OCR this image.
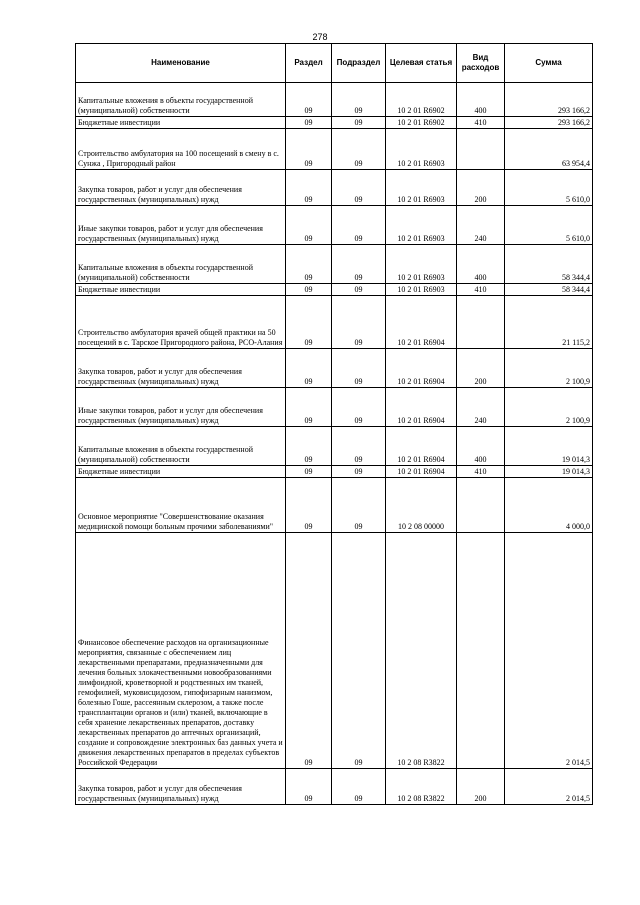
278
Наименование	Раздел	Подраздел	Целевая статья	Вид расходов	Сумма
Капитальные вложения в объекты государственной (муниципальной) собственности	09	09	10 2 01 R6902	400	293 166,2
Бюджетные инвестиции	09	09	10 2 01 R6902	410	293 166,2
Строительство амбулатория на 100 посещений в смену в с. Сунжа , Пригородный район	09	09	10 2 01 R6903		63 954,4
Закупка товаров, работ и услуг для обеспечения государственных (муниципальных) нужд	09	09	10 2 01 R6903	200	5 610,0
Иные закупки товаров, работ и услуг для обеспечения государственных (муниципальных) нужд	09	09	10 2 01 R6903	240	5 610,0
Капитальные вложения в объекты государственной (муниципальной) собственности	09	09	10 2 01 R6903	400	58 344,4
Бюджетные инвестиции	09	09	10 2 01 R6903	410	58 344,4
Строительство амбулатория врачей общей практики на 50 посещений в с. Тарское Пригородного района, РСО-Алания	09	09	10 2 01 R6904		21 115,2
Закупка товаров, работ и услуг для обеспечения государственных (муниципальных) нужд	09	09	10 2 01 R6904	200	2 100,9
Иные закупки товаров, работ и услуг для обеспечения государственных (муниципальных) нужд	09	09	10 2 01 R6904	240	2 100,9
Капитальные вложения в объекты государственной (муниципальной) собственности	09	09	10 2 01 R6904	400	19 014,3
Бюджетные инвестиции	09	09	10 2 01 R6904	410	19 014,3
Основное мероприятие "Совершенствование оказания медицинской помощи больным прочими заболеваниями"	09	09	10 2 08 00000		4 000,0
Финансовое обеспечение расходов на организационные мероприятия, связанные с обеспечением лиц лекарственными препаратами, предназначенными для лечения больных злокачественными новообразованиями лимфоидной, кроветворной и родственных им тканей, гемофилией, муковисцидозом, гипофизарным нанизмом, болезнью Гоше, рассеянным склерозом, а также после трансплантации органов и (или) тканей, включающие в себя хранение лекарственных препаратов, доставку лекарственных препаратов до аптечных организаций, создание и сопровождение электронных баз данных учета и движения лекарственных препаратов в пределах субъектов Российской Федерации	09	09	10 2 08 R3822		2 014,5
Закупка товаров, работ и услуг для обеспечения государственных (муниципальных) нужд	09	09	10 2 08 R3822	200	2 014,5
